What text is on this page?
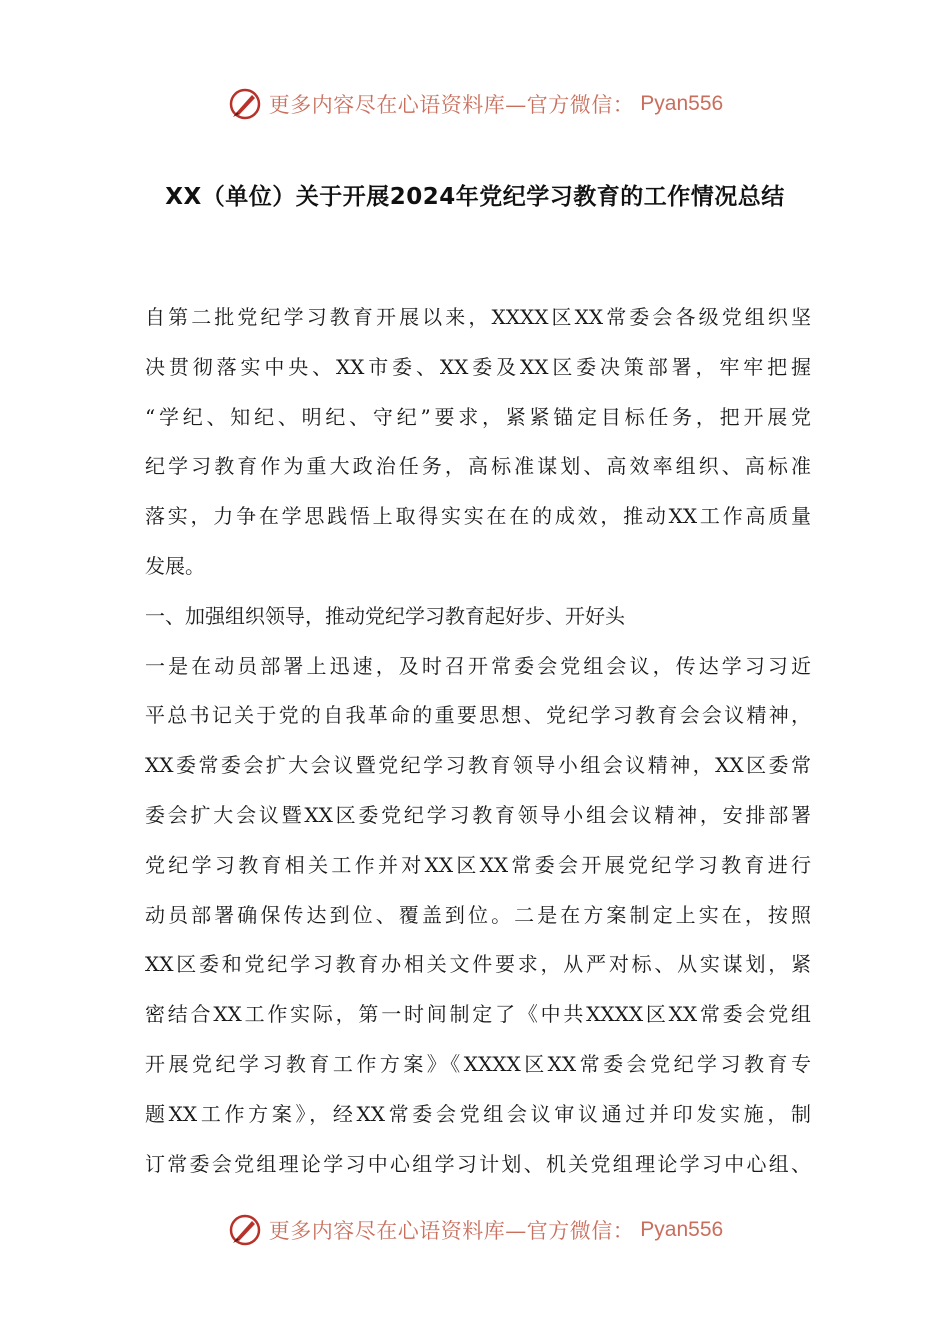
更多内容尽在心语资料库—官方微信： Pyan556
XX（单位）关于开展2024年党纪学习教育的工作情况总结
自第二批党纪学习教育开展以来，XXXX区XX常委会各级党组织坚
决贯彻落实中央、XX市委、XX委及XX区委决策部署，牢牢把握
“学纪、知纪、明纪、守纪”要求，紧紧锚定目标任务，把开展党
纪学习教育作为重大政治任务，高标准谋划、高效率组织、高标准
落实，力争在学思践悟上取得实实在在的成效，推动XX工作高质量
发展。
一、加强组织领导，推动党纪学习教育起好步、开好头
一是在动员部署上迅速，及时召开常委会党组会议，传达学习习近
平总书记关于党的自我革命的重要思想、党纪学习教育会会议精神，
XX委常委会扩大会议暨党纪学习教育领导小组会议精神，XX区委常
委会扩大会议暨XX区委党纪学习教育领导小组会议精神，安排部署
党纪学习教育相关工作并对XX区XX常委会开展党纪学习教育进行
动员部署确保传达到位、覆盖到位。二是在方案制定上实在，按照
XX区委和党纪学习教育办相关文件要求，从严对标、从实谋划，紧
密结合XX工作实际，第一时间制定了《中共XXXX区XX常委会党组
开展党纪学习教育工作方案》《XXXX区XX常委会党纪学习教育专
题XX工作方案》，经XX常委会党组会议审议通过并印发实施，制
订常委会党组理论学习中心组学习计划、机关党组理论学习中心组、
更多内容尽在心语资料库—官方微信： Pyan556
